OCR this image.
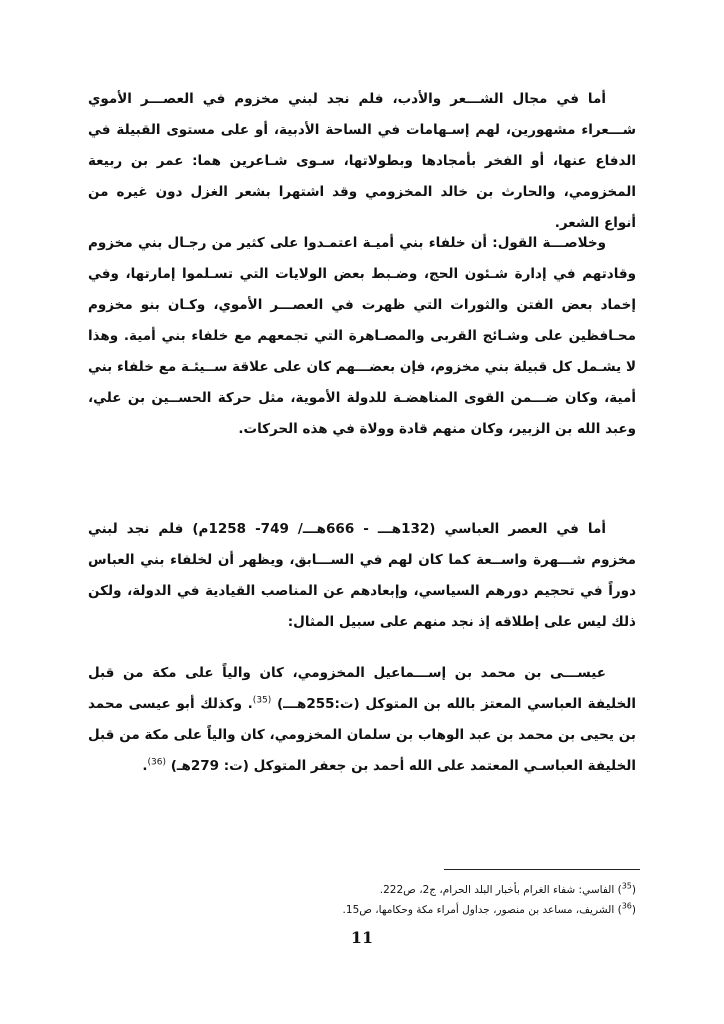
أما في مجال الشـــعر والأدب، فلم نجد لبني مخزوم في العصـــر الأموي شـــعراء مشهورين، لهم إسـهامات في الساحة الأدبية، أو على مستوى القبيلة في الدفاع عنها، أو الفخر بأمجادها وبطولاتها، سـوى شـاعرين هما: عمر بن ربيعة المخزومي، والحارث بن خالد المخزومي وقد اشتهرا بشعر الغزل دون غيره من أنواع الشعر.

وخلاصـــة القول: أن خلفاء بني أميـة اعتمـدوا على كثير من رجـال بني مخزوم وقادتهم في إدارة شـئون الحج، وضـبط بعض الولايات التي تسـلموا إمارتها، وفي إخماد بعض الفتن والثورات التي ظهرت في العصـــر الأموي، وكـان بنو مخزوم محـافظين على وشـائج القربى والمصـاهرة التي تجمعهم مع خلفاء بني أمية. وهذا لا يشـمل كل قبيلة بني مخزوم، فإن بعضـــهم كان على علاقة ســيئـة مع خلفاء بني أمية، وكان ضـــمن القوى المناهضـة للدولة الأموية، مثل حركة الحســين بن علي، وعبد الله بن الزبير، وكان منهم قادة وولاة في هذه الحركات.

أما في العصر العباسي (132هـــ - 666هـــ/ 749- 1258م) فلم نجد لبني مخزوم شـــهرة واســعة كما كان لهم في الســـابق، ويظهر أن لخلفاء بني العباس دوراً في تحجيم دورهم السياسي، وإبعادهم عن المناصب القيادية في الدولة، ولكن ذلك ليس على إطلاقه إذ نجد منهم على سبيل المثال:

عيســـى بن محمد بن إســـماعيل المخزومي، كان والياً على مكة من قبل الخليفة العباسي المعتز بالله بن المتوكل (ت:255هـــ) $^{(35)}$. وكذلك أبو عيسى محمد بن يحيى بن محمد بن عبد الوهاب بن سلمان المخزومي، كان والياً على مكة من قبل الخليفة العباسـي المعتمد على الله أحمد بن جعفر المتوكل (ت: 279هـ) $^{(36)}$.

($^{35}$) الفاسي: شفاء الغرام بأخبار البلد الحرام، ج2، ص222.
($^{36}$) الشريف، مساعد بن منصور، جداول أمراء مكة وحكامها، ص15.
11
